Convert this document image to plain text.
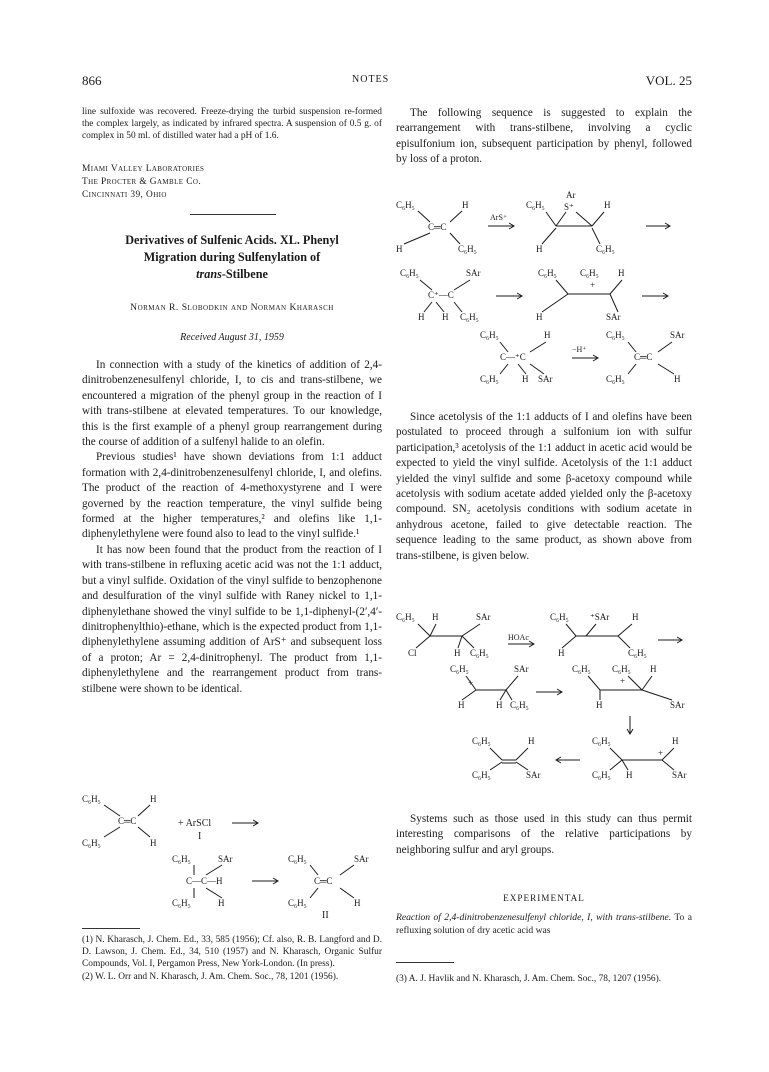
866	NOTES	VOL. 25

line sulfoxide was recovered. Freeze-drying the turbid suspension re-formed the complex largely, as indicated by infrared spectra. A suspension of 0.5 g. of complex in 50 ml. of distilled water had a pH of 1.6.

Miami Valley Laboratories
The Procter & Gamble Co.
Cincinnati 39, Ohio
Derivatives of Sulfenic Acids. XL. Phenyl
Migration during Sulfenylation of
trans-Stilbene
Norman R. Slobodkin and Norman Kharasch
Received August 31, 1959

In connection with a study of the kinetics of addition of 2,4-dinitrobenzenesulfenyl chloride, I, to cis and trans-stilbene, we encountered a migration of the phenyl group in the reaction of I with trans-stilbene at elevated temperatures. To our knowledge, this is the first example of a phenyl group rearrangement during the course of addition of a sulfenyl halide to an olefin.

Previous studies¹ have shown deviations from 1:1 adduct formation with 2,4-dinitrobenzenesulfenyl chloride, I, and olefins. The product of the reaction of 4-methoxystyrene and I were governed by the reaction temperature, the vinyl sulfide being formed at the higher temperatures,² and olefins like 1,1-diphenylethylene were found also to lead to the vinyl sulfide.¹

It has now been found that the product from the reaction of I with trans-stilbene in refluxing acetic acid was not the 1:1 adduct, but a vinyl sulfide. Oxidation of the vinyl sulfide to benzophenone and desulfuration of the vinyl sulfide with Raney nickel to 1,1-diphenylethane showed the vinyl sulfide to be 1,1-diphenyl-(2′,4′-dinitrophenylthio)-ethane, which is the expected product from 1,1-diphenylethylene assuming addition of ArS⁺ and subsequent loss of a proton; Ar = 2,4-dinitrophenyl. The product from 1,1-diphenylethylene and the rearrangement product from trans-stilbene were shown to be identical.

C₆H₅	H
C═C
C₆H₅	H
+ ArSCl
I
C₆H₅	SAr
C—C—H
C₆H₅	H
C₆H₅	SAr
C═C
C₆H₅	H
II

(1) N. Kharasch, J. Chem. Ed., 33, 585 (1956); Cf. also, R. B. Langford and D. D. Lawson, J. Chem. Ed., 34, 510 (1957) and N. Kharasch, Organic Sulfur Compounds, Vol. I, Pergamon Press, New York-London. (In press).

(2) W. L. Orr and N. Kharasch, J. Am. Chem. Soc., 78, 1201 (1956).

The following sequence is suggested to explain the rearrangement with trans-stilbene, involving a cyclic episulfonium ion, subsequent participation by phenyl, followed by loss of a proton.

C₆H₅	H
C═C
H	C₆H₅
ArS⁺
C₆H₅
Ar
S⁺	H
H	C₆H₅
C₆H₅	SAr
C⁺—C
H H C₆H₅
C₆H₅	C₆H₅ H
+
H	SAr
C₆H₅	H
C—⁺C
C₆H₅	H SAr
−H⁺
C₆H₅	SAr
C═C
C₆H₅	H

Since acetolysis of the 1:1 adducts of I and olefins have been postulated to proceed through a sulfonium ion with sulfur participation,³ acetolysis of the 1:1 adduct in acetic acid would be expected to yield the vinyl sulfide. Acetolysis of the 1:1 adduct yielded the vinyl sulfide and some β-acetoxy compound while acetolysis with sodium acetate added yielded only the β-acetoxy compound. SN₂ acetolysis conditions with sodium acetate in anhydrous acetone, failed to give detectable reaction. The sequence leading to the same product, as shown above from trans-stilbene, is given below.

C₆H₅ H	SAr
HOAc
Cl	H C₆H₅
C₆H₅ ⁺SAr	H
H	C₆H₅
C₆H₅	SAr
+
H	H C₆H₅
C₆H₅ C₆H₅ H
+
H	SAr
C₆H₅	H
C₆H₅	SAr
C₆H₅	H
+
C₆H₅ H	SAr

Systems such as those used in this study can thus permit interesting comparisons of the relative participations by neighboring sulfur and aryl groups.

EXPERIMENTAL
Reaction of 2,4-dinitrobenzenesulfenyl chloride, I, with trans-stilbene. To a refluxing solution of dry acetic acid was

(3) A. J. Havlik and N. Kharasch, J. Am. Chem. Soc., 78, 1207 (1956).
